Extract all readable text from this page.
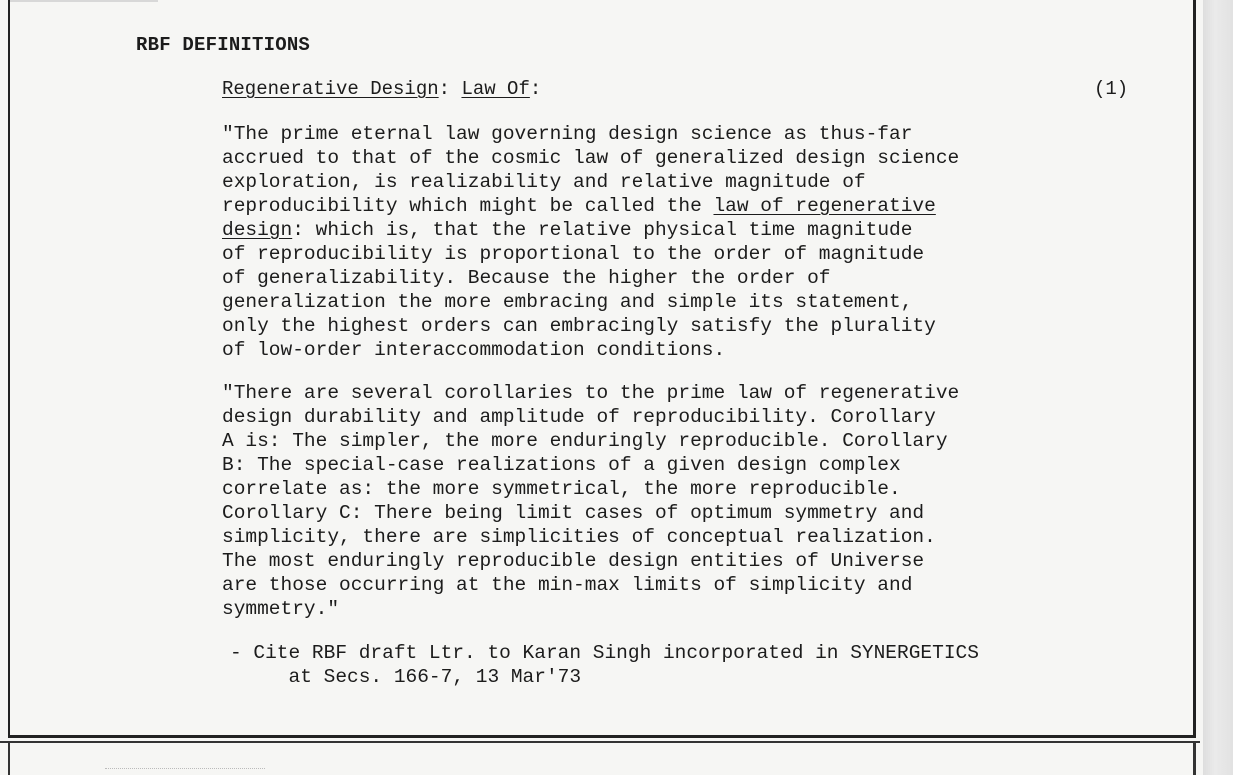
RBF DEFINITIONS
Regenerative Design: Law Of:	(1)

"The prime eternal law governing design science as thus-far
accrued to that of the cosmic law of generalized design science
exploration, is realizability and relative magnitude of
reproducibility which might be called the law of regenerative
design: which is, that the relative physical time magnitude
of reproducibility is proportional to the order of magnitude
of generalizability. Because the higher the order of
generalization the more embracing and simple its statement,
only the highest orders can embracingly satisfy the plurality
of low-order interaccommodation conditions.

"There are several corollaries to the prime law of regenerative
design durability and amplitude of reproducibility. Corollary
A is: The simpler, the more enduringly reproducible. Corollary
B: The special-case realizations of a given design complex
correlate as: the more symmetrical, the more reproducible.
Corollary C: There being limit cases of optimum symmetry and
simplicity, there are simplicities of conceptual realization.
The most enduringly reproducible design entities of Universe
are those occurring at the min-max limits of simplicity and
symmetry."

- Cite RBF draft Ltr. to Karan Singh incorporated in SYNERGETICS
at Secs. 166-7, 13 Mar'73
